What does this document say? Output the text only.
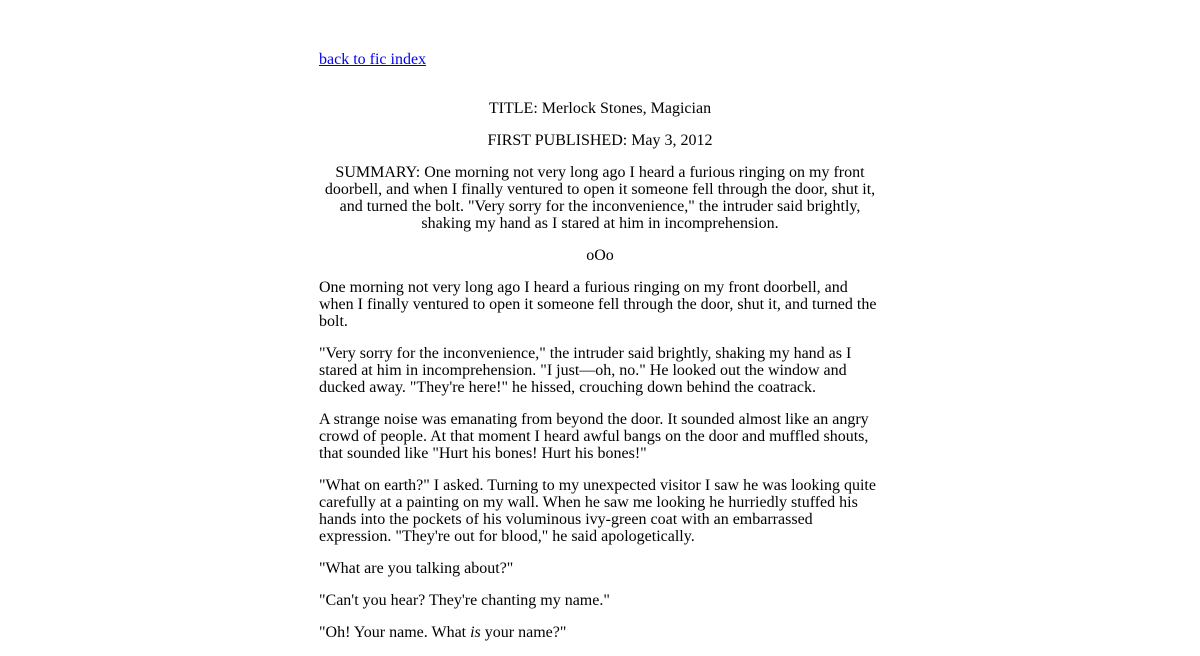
back to fic index

TITLE: Merlock Stones, Magician

FIRST PUBLISHED: May 3, 2012

SUMMARY: One morning not very long ago I heard a furious ringing on my front doorbell, and when I finally ventured to open it someone fell through the door, shut it, and turned the bolt. "Very sorry for the inconvenience," the intruder said brightly, shaking my hand as I stared at him in incomprehension.

oOo

One morning not very long ago I heard a furious ringing on my front doorbell, and when I finally ventured to open it someone fell through the door, shut it, and turned the bolt.

"Very sorry for the inconvenience," the intruder said brightly, shaking my hand as I stared at him in incomprehension. "I just—oh, no." He looked out the window and ducked away. "They're here!" he hissed, crouching down behind the coatrack.

A strange noise was emanating from beyond the door. It sounded almost like an angry crowd of people. At that moment I heard awful bangs on the door and muffled shouts, that sounded like "Hurt his bones! Hurt his bones!"

"What on earth?" I asked. Turning to my unexpected visitor I saw he was looking quite carefully at a painting on my wall. When he saw me looking he hurriedly stuffed his hands into the pockets of his voluminous ivy-green coat with an embarrassed expression. "They're out for blood," he said apologetically.

"What are you talking about?"

"Can't you hear? They're chanting my name."

"Oh! Your name. What is your name?"
